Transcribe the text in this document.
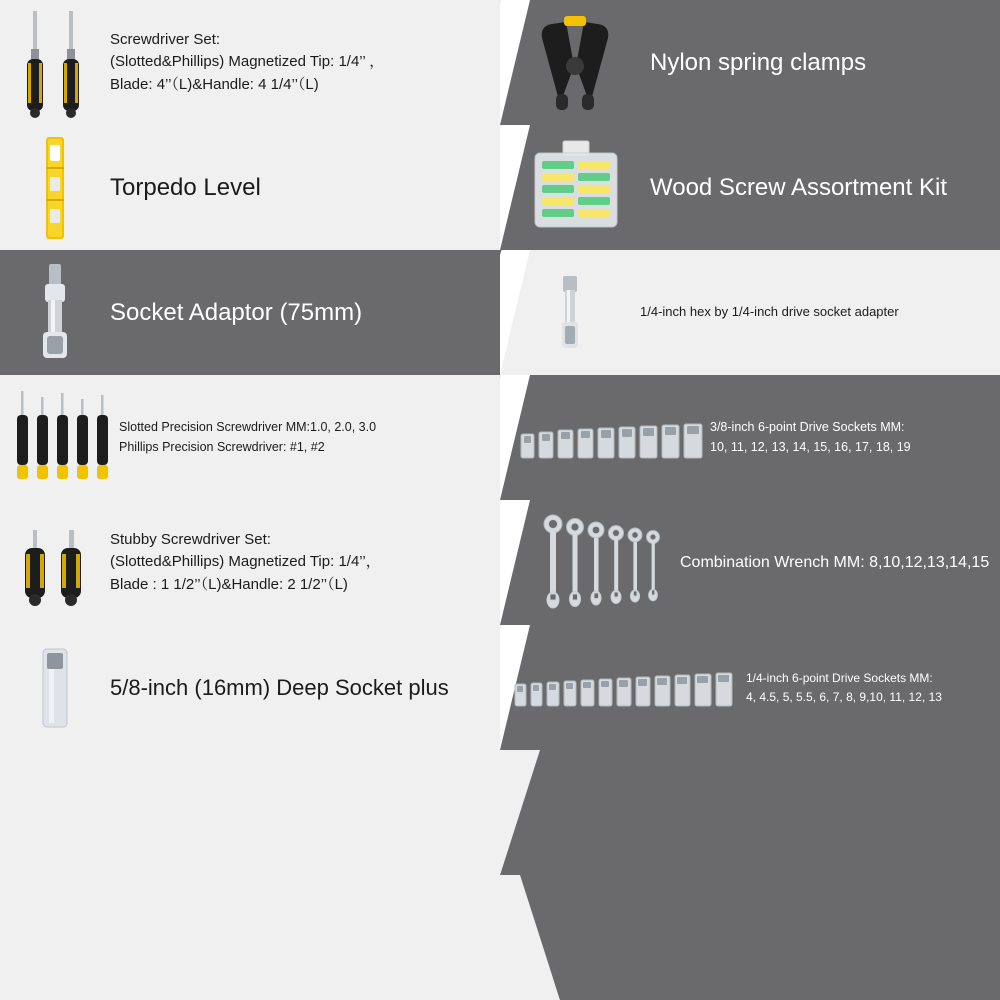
Screwdriver Set:
(Slotted&Phillips) Magnetized Tip: 1/4’’ ，
Blade: 4’’（L)&Handle: 4 1/4’’（L)
Nylon spring clamps
Torpedo Level	Wood Screw Assortment Kit
Socket Adaptor (75mm)	1/4-inch hex by 1/4-inch drive socket adapter
Slotted Precision Screwdriver MM:1.0, 2.0, 3.0
Phillips Precision Screwdriver: #1, #2
3/8-inch 6-point Drive Sockets MM:
10, 11, 12, 13, 14, 15, 16, 17, 18, 19
Stubby Screwdriver Set:
(Slotted&Phillips) Magnetized Tip: 1/4’’，
Blade : 1 1/2’’（L)&Handle: 2 1/2’’（L)
Combination Wrench MM: 8,10,12,13,14,15
5/8-inch (16mm) Deep Socket plus	1/4-inch 6-point Drive Sockets MM:
4, 4.5, 5, 5.5, 6, 7, 8, 9,10, 11, 12, 13
